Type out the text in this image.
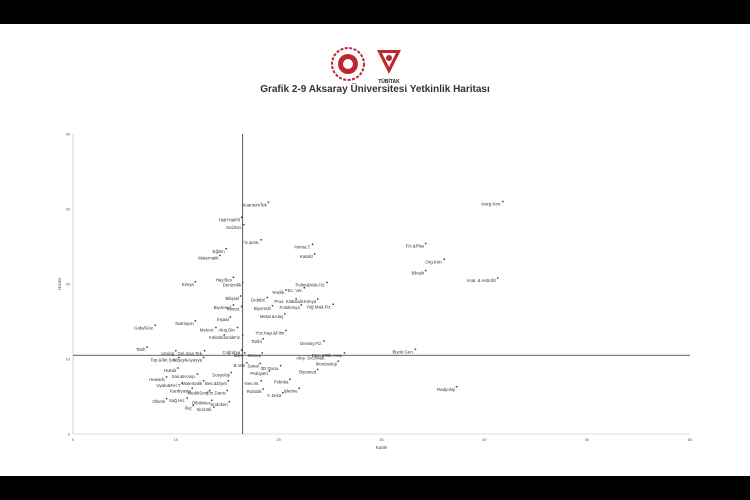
TÜBİTAK
Grafik 2-9 Aksaray Üniversitesi Yetkinlik Haritası
0	10	20	30	40	50	60
0
10
20
30
40
Katile
Hızım
İnorg.Kim.
KuantumTek
Hidr/YakPil
SuÜrün.
Fiz.&Ast.
Anima.T.	Fiz.&Plas
Eğitim
Kataliz
Matematik
Org.Kim.
Bileşik
Anal. & Astrofiz
Hay.Bes
Denizcilik	Polim&Nük.Fiz.
Kimya
En. Ver.
Yenilik
Bilişsel	Gıdabil. Pros. Kim.
Analit.Kimya
Biyomed.
Mimar.	Biyomüh Fotokimya Yoğ.Mad.Fiz.
Metal &Alaş
İnşaat
Nutrisyon
Gıda/Güv.	Meteor. Akış.Din.
Yüz.Kap.&Film
Kökeb.
AtomikFiz.
Tarihi	Denwiy.Fiz.
Tarih
Coğrafya
Urolog Gel.İnsa.Tek.	Bilim Güneş	Ekm.&Ntb.Araş.
Akış. Sıcı/Mak.
Biyok.Gen.
Top.&İlet.Sos.
Köşey&Ayasya
İmmünoloji
B.Veri Sanal 3D Dona.
Hukuk	Biyomed
Sosyoloji
Sair.&Komp.
Psikiyatri
Hewarlc
Bes.&Diyet	Nes.Int.	Polinka
Matematik
Uyalu&Fel.T
Radyoloji
Kardiyasta	Robotik	İşletme
MedikSory
Em.Danis	Y. Zeka
Ofsets Sağ.Hiz. Ofbilimler Endokrin
İlaç Sinir.Bil.
